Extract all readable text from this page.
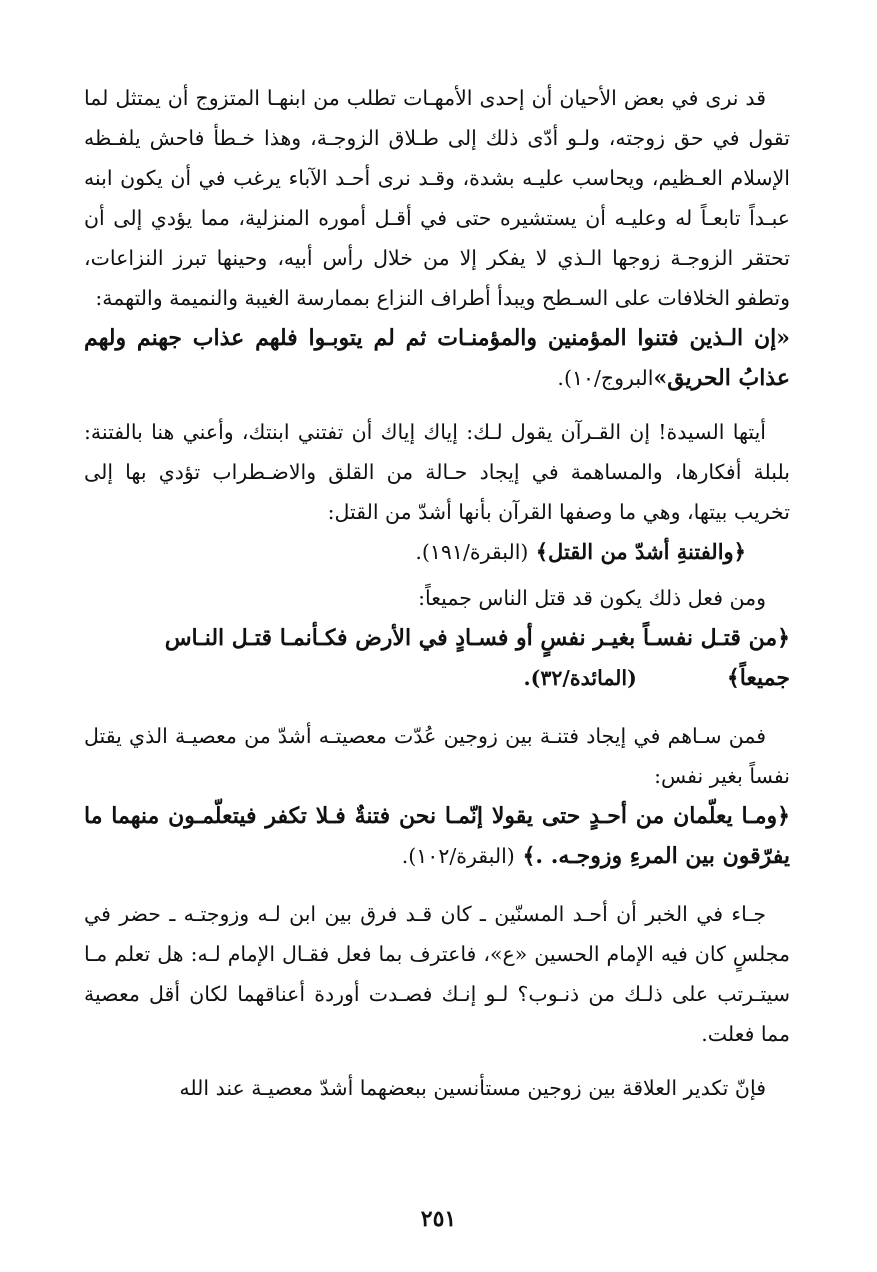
قد نرى في بعض الأحيان أن إحدى الأمهـات تطلب من ابنهـا المتزوج أن يمتثل لما تقول في حق زوجته، ولـو أدّى ذلك إلى طـلاق الزوجـة، وهذا خـطأ فاحش يلفـظه الإسلام العـظيم، ويحاسب عليـه بشدة، وقـد نرى أحـد الآباء يرغب في أن يكون ابنه عبـداً تابعـاً له وعليـه أن يستشيره حتى في أقـل أموره المنزلية، مما يؤدي إلى أن تحتقر الزوجـة زوجها الـذي لا يفكر إلا من خلال رأس أبيه، وحينها تبرز النزاعات، وتطفو الخلافات على السـطح ويبدأ أطراف النزاع بممارسة الغيبة والنميمة والتهمة:

«إن الـذين فتنوا المؤمنين والمؤمنـات ثم لم يتوبـوا فلهم عذاب جهنم ولهم عذابُ الحريق»البروج/١٠).

أيتها السيدة! إن القـرآن يقول لـك: إياك إياك أن تفتني ابنتك، وأعني هنا بالفتنة: بلبلة أفكارها، والمساهمة في إيجاد حـالة من القلق والاضـطراب تؤدي بها إلى تخريب بيتها، وهي ما وصفها القرآن بأنها أشدّ من القتل:

﴿والفتنةِ أشدّ من القتل﴾ (البقرة/١٩١).

ومن فعل ذلك يكون قد قتل الناس جميعاً:

﴿من قتـل نفسـاً بغيـر نفسٍ أو فسـادٍ في الأرض فكـأنمـا قتـل النـاس

جميعاً﴾
(المائدة/٣٢).

فمن سـاهم في إيجاد فتنـة بين زوجين عُدّت معصيتـه أشدّ من معصيـة الذي يقتل نفساً بغير نفس:

﴿ومـا يعلّمان من أحـدٍ حتى يقولا إنّمـا نحن فتنةٌ فـلا تكفر فيتعلّمـون منهما ما يفرّقون بين المرءِ وزوجـه. .﴾ (البقرة/١٠٢).

جـاء في الخبر أن أحـد المسنّين ـ كان قـد فرق بين ابن لـه وزوجتـه ـ حضر في مجلسٍ كان فيه الإمام الحسين «ع»، فاعترف بما فعل فقـال الإمام لـه: هل تعلم مـا سيتـرتب على ذلـك من ذنـوب؟ لـو إنـك فصـدت أوردة أعناقهما لكان أقل معصية مما فعلت.

فإنّ تكدير العلاقة بين زوجين مستأنسين ببعضهما أشدّ معصيـة عند الله

٢٥١
